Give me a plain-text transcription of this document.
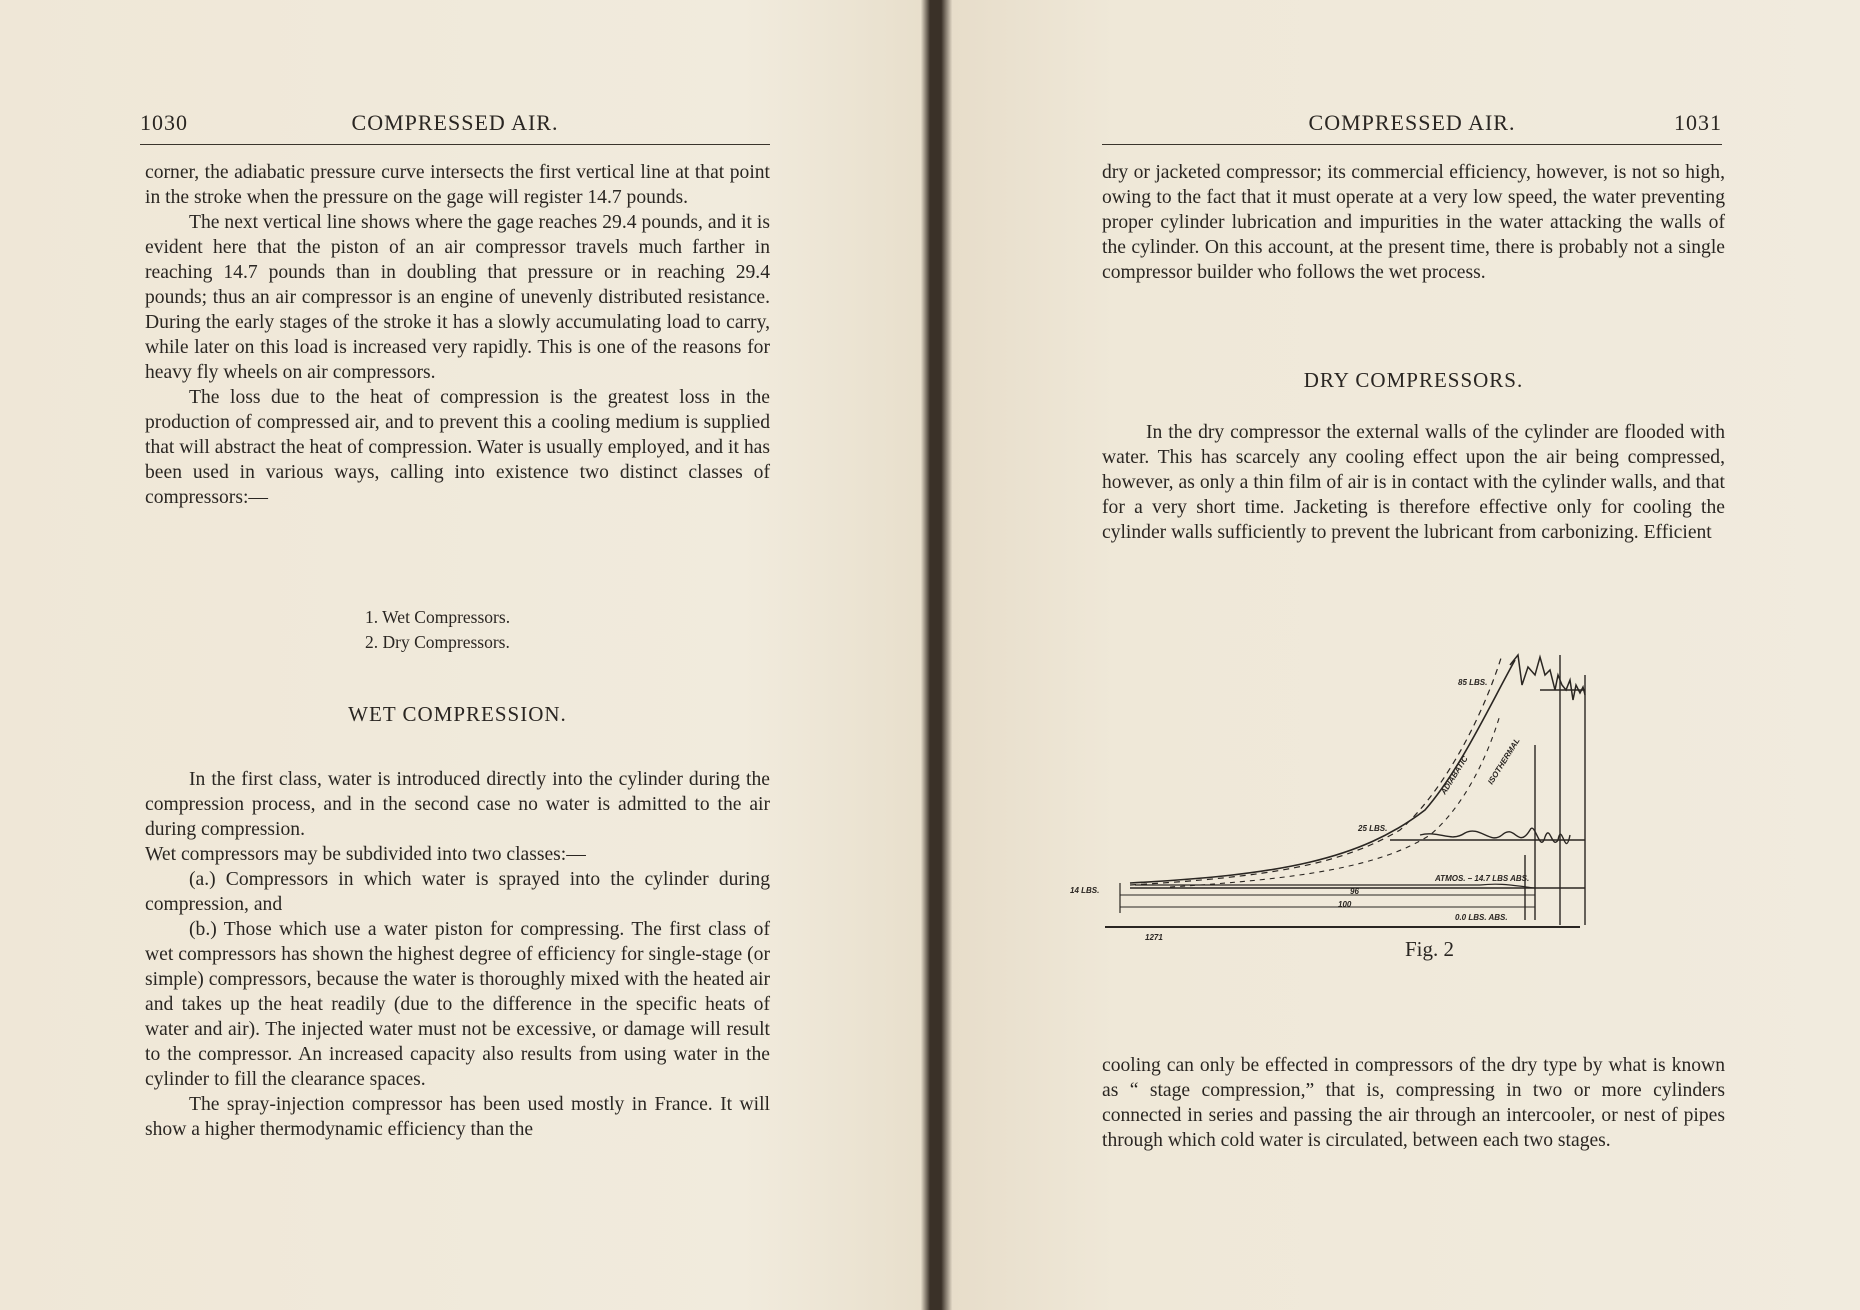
1030	COMPRESSED AIR.

corner, the adiabatic pressure curve intersects the first vertical line at that point in the stroke when the pressure on the gage will register 14.7 pounds.

The next vertical line shows where the gage reaches 29.4 pounds, and it is evident here that the piston of an air compressor travels much farther in reaching 14.7 pounds than in doubling that pressure or in reaching 29.4 pounds; thus an air compressor is an engine of unevenly distributed resistance. During the early stages of the stroke it has a slowly accumulating load to carry, while later on this load is increased very rapidly. This is one of the reasons for heavy fly wheels on air compressors.

The loss due to the heat of compression is the greatest loss in the production of compressed air, and to prevent this a cooling medium is supplied that will abstract the heat of compression. Water is usually employed, and it has been used in various ways, calling into existence two distinct classes of compressors:—

1. Wet Compressors.
2. Dry Compressors.
WET COMPRESSION.

In the first class, water is introduced directly into the cylinder during the compression process, and in the second case no water is admitted to the air during compression.

Wet compressors may be subdivided into two classes:—

(a.) Compressors in which water is sprayed into the cylinder during compression, and

(b.) Those which use a water piston for compressing. The first class of wet compressors has shown the highest degree of efficiency for single-stage (or simple) compressors, because the water is thoroughly mixed with the heated air and takes up the heat readily (due to the difference in the specific heats of water and air). The injected water must not be excessive, or damage will result to the compressor. An increased capacity also results from using water in the cylinder to fill the clearance spaces.

The spray-injection compressor has been used mostly in France. It will show a higher thermodynamic efficiency than the

COMPRESSED AIR.	1031

dry or jacketed compressor; its commercial efficiency, however, is not so high, owing to the fact that it must operate at a very low speed, the water preventing proper cylinder lubrication and impurities in the water attacking the walls of the cylinder. On this account, at the present time, there is probably not a single compressor builder who follows the wet process.

DRY COMPRESSORS.

In the dry compressor the external walls of the cylinder are flooded with water. This has scarcely any cooling effect upon the air being compressed, however, as only a thin film of air is in contact with the cylinder walls, and that for a very short time. Jacketing is therefore effective only for cooling the cylinder walls sufficiently to prevent the lubricant from carbonizing. Efficient

85 LBS.
25 LBS.
ADIABATIC ISOTHERMAL
ATMOS. – 14.7 LBS ABS.
14 LBS.	96
100
0.0 LBS. ABS.
1271	Fig. 2

cooling can only be effected in compressors of the dry type by what is known as “ stage compression,” that is, compressing in two or more cylinders connected in series and passing the air through an intercooler, or nest of pipes through which cold water is circulated, between each two stages.
